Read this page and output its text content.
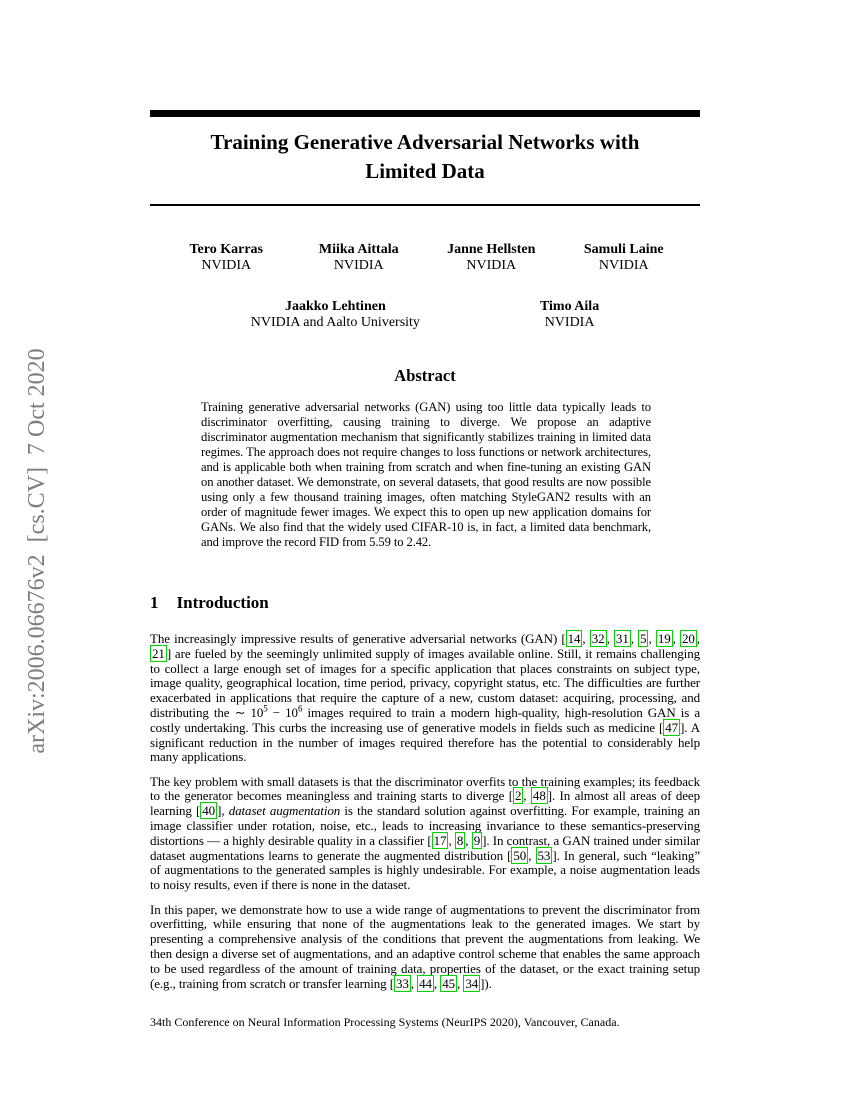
arXiv:2006.06676v2  [cs.CV]  7 Oct 2020
Training Generative Adversarial Networks with Limited Data
Tero Karras
NVIDIA
Miika Aittala
NVIDIA
Janne Hellsten
NVIDIA
Samuli Laine
NVIDIA
Jaakko Lehtinen
NVIDIA and Aalto University
Timo Aila
NVIDIA
Abstract
Training generative adversarial networks (GAN) using too little data typically leads to discriminator overfitting, causing training to diverge. We propose an adaptive discriminator augmentation mechanism that significantly stabilizes training in limited data regimes. The approach does not require changes to loss functions or network architectures, and is applicable both when training from scratch and when fine-tuning an existing GAN on another dataset. We demonstrate, on several datasets, that good results are now possible using only a few thousand training images, often matching StyleGAN2 results with an order of magnitude fewer images. We expect this to open up new application domains for GANs. We also find that the widely used CIFAR-10 is, in fact, a limited data benchmark, and improve the record FID from 5.59 to 2.42.
1 Introduction

The increasingly impressive results of generative adversarial networks (GAN) [ 14 , 32 , 31 , 5 , 19 , 20 , 21 ] are fueled by the seemingly unlimited supply of images available online. Still, it remains challenging to collect a large enough set of images for a specific application that places constraints on subject type, image quality, geographical location, time period, privacy, copyright status, etc. The difficulties are further exacerbated in applications that require the capture of a new, custom dataset: acquiring, processing, and distributing the ∼ $10^5 - 10^6$ images required to train a modern high-quality, high-resolution GAN is a costly undertaking. This curbs the increasing use of generative models in fields such as medicine [ 47 ]. A significant reduction in the number of images required therefore has the potential to considerably help many applications.

The key problem with small datasets is that the discriminator overfits to the training examples; its feedback to the generator becomes meaningless and training starts to diverge [ 2 , 48 ]. In almost all areas of deep learning [ 40 ], dataset augmentation is the standard solution against overfitting. For example, training an image classifier under rotation, noise, etc., leads to increasing invariance to these semantics-preserving distortions — a highly desirable quality in a classifier [ 17 , 8 , 9 ]. In contrast, a GAN trained under similar dataset augmentations learns to generate the augmented distribution [ 50 , 53 ]. In general, such “leaking” of augmentations to the generated samples is highly undesirable. For example, a noise augmentation leads to noisy results, even if there is none in the dataset.

In this paper, we demonstrate how to use a wide range of augmentations to prevent the discriminator from overfitting, while ensuring that none of the augmentations leak to the generated images. We start by presenting a comprehensive analysis of the conditions that prevent the augmentations from leaking. We then design a diverse set of augmentations, and an adaptive control scheme that enables the same approach to be used regardless of the amount of training data, properties of the dataset, or the exact training setup (e.g., training from scratch or transfer learning [ 33 , 44 , 45 , 34 ]).

34th Conference on Neural Information Processing Systems (NeurIPS 2020), Vancouver, Canada.
